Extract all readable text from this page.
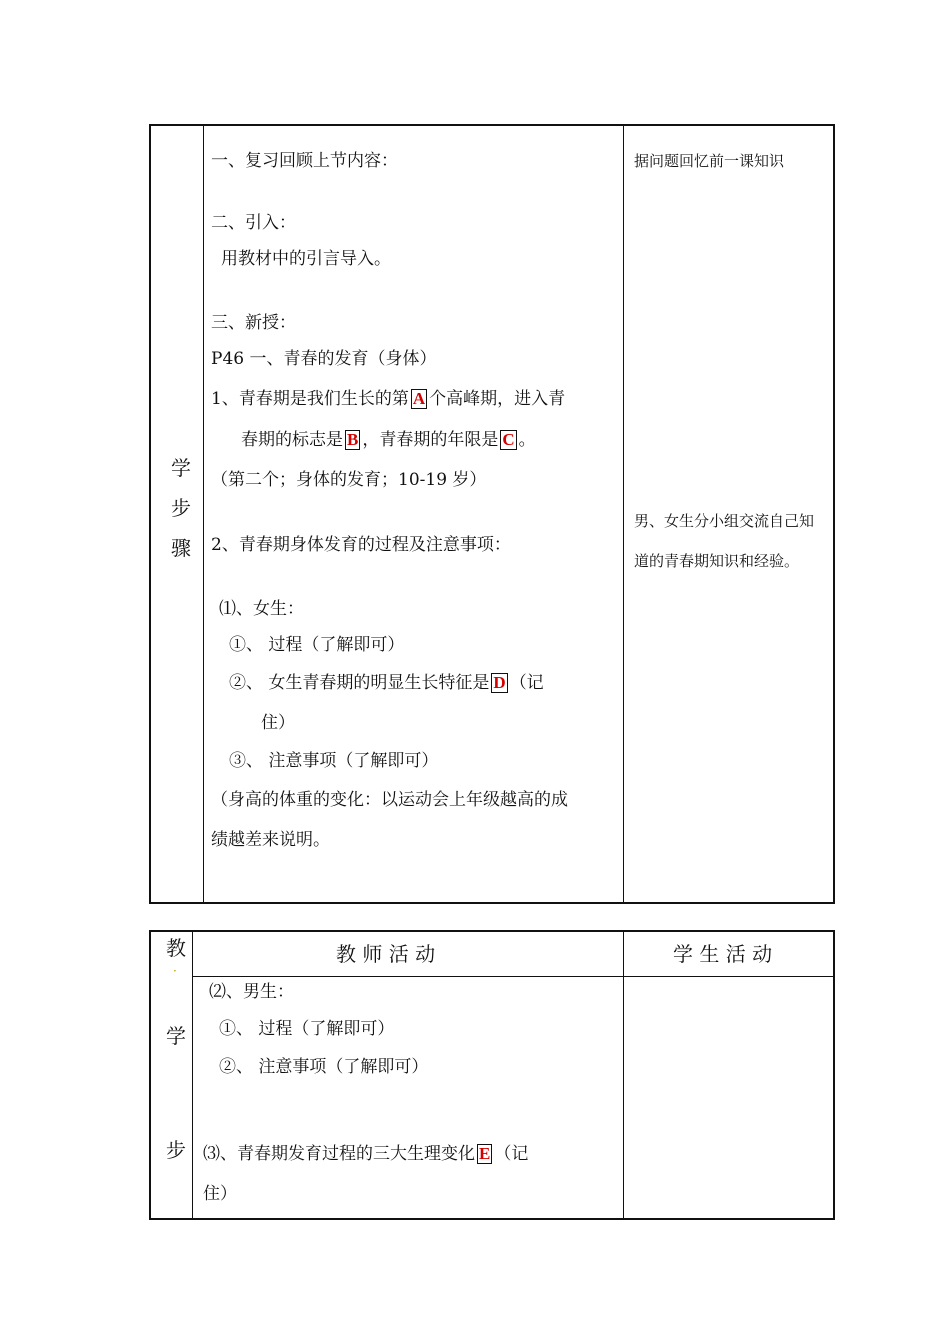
学
步
骤
一、复习回顾上节内容：
二、引入：
用教材中的引言导入。
三、新授：
P46 一、青春的发育（身体）
1、青春期是我们生长的第 A 个高峰期，进入青
春期的标志是 B ，青春期的年限是 C 。
（第二个；身体的发育；10-19 岁）
2、青春期身体发育的过程及注意事项：
⑴、女生：
①、 过程（了解即可）
②、 女生青春期的明显生长特征是 D （记
住）
③、 注意事项（了解即可）
（身高的体重的变化：以运动会上年级越高的成
绩越差来说明。
据问题回忆前一课知识
男、女生分小组交流自己知
道的青春期知识和经验。
教
·
学
步
教 师 活 动	学 生 活 动
⑵、男生：
①、 过程（了解即可）
②、 注意事项（了解即可）
⑶、青春期发育过程的三大生理变化 E （记
住）
